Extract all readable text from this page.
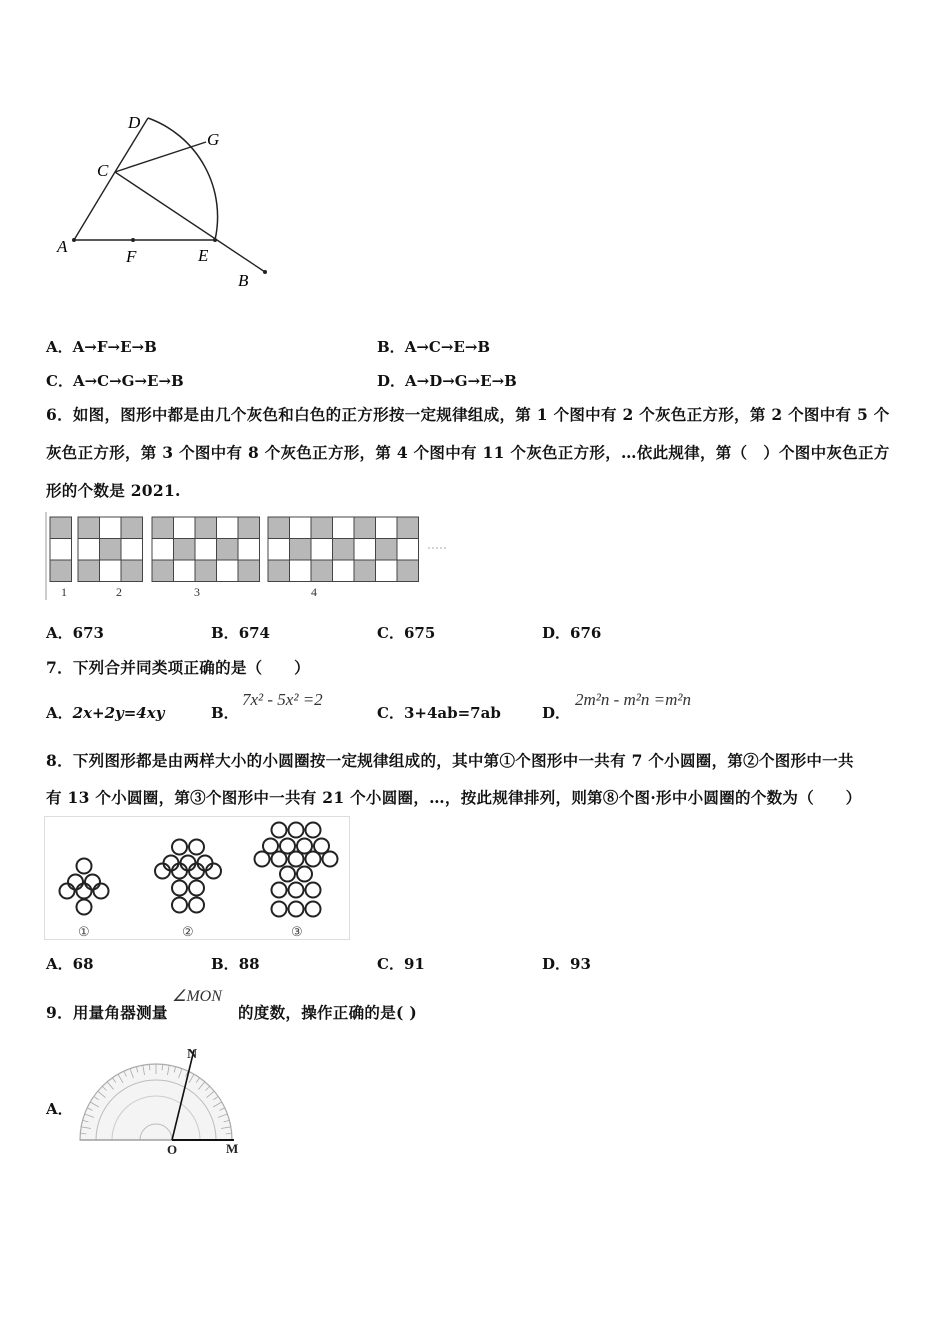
D
G
C
A
F	E
B
A．A→F→E→B	B．A→C→E→B
C．A→C→G→E→B	D．A→D→G→E→B
6．如图，图形中都是由几个灰色和白色的正方形按一定规律组成，第 1 个图中有 2 个灰色正方形，第 2 个图中有 5 个
灰色正方形，第 3 个图中有 8 个灰色正方形，第 4 个图中有 11 个灰色正方形，…依此规律，第（　）个图中灰色正方
形的个数是 2021.
1	2	3	4
A．673	B．674	C．675	D．676
7．下列合并同类项正确的是（　　）
A．2x+2y=4xy	B．
7x² - 5x² =2
C．3+4ab=7ab	D．
2m²n - m²n =m²n
8．下列图形都是由两样大小的小圆圈按一定规律组成的，其中第①个图形中一共有 7 个小圆圈，第②个图形中一共
有 13 个小圆圈，第③个图形中一共有 21 个小圆圈，…，按此规律排列，则第⑧个图·形中小圆圈的个数为（　　）
①	②	③
A．68	B．88	C．91	D．93
9．用量角器测量
∠MON
的度数，操作正确的是( )
A．
N
O	M
